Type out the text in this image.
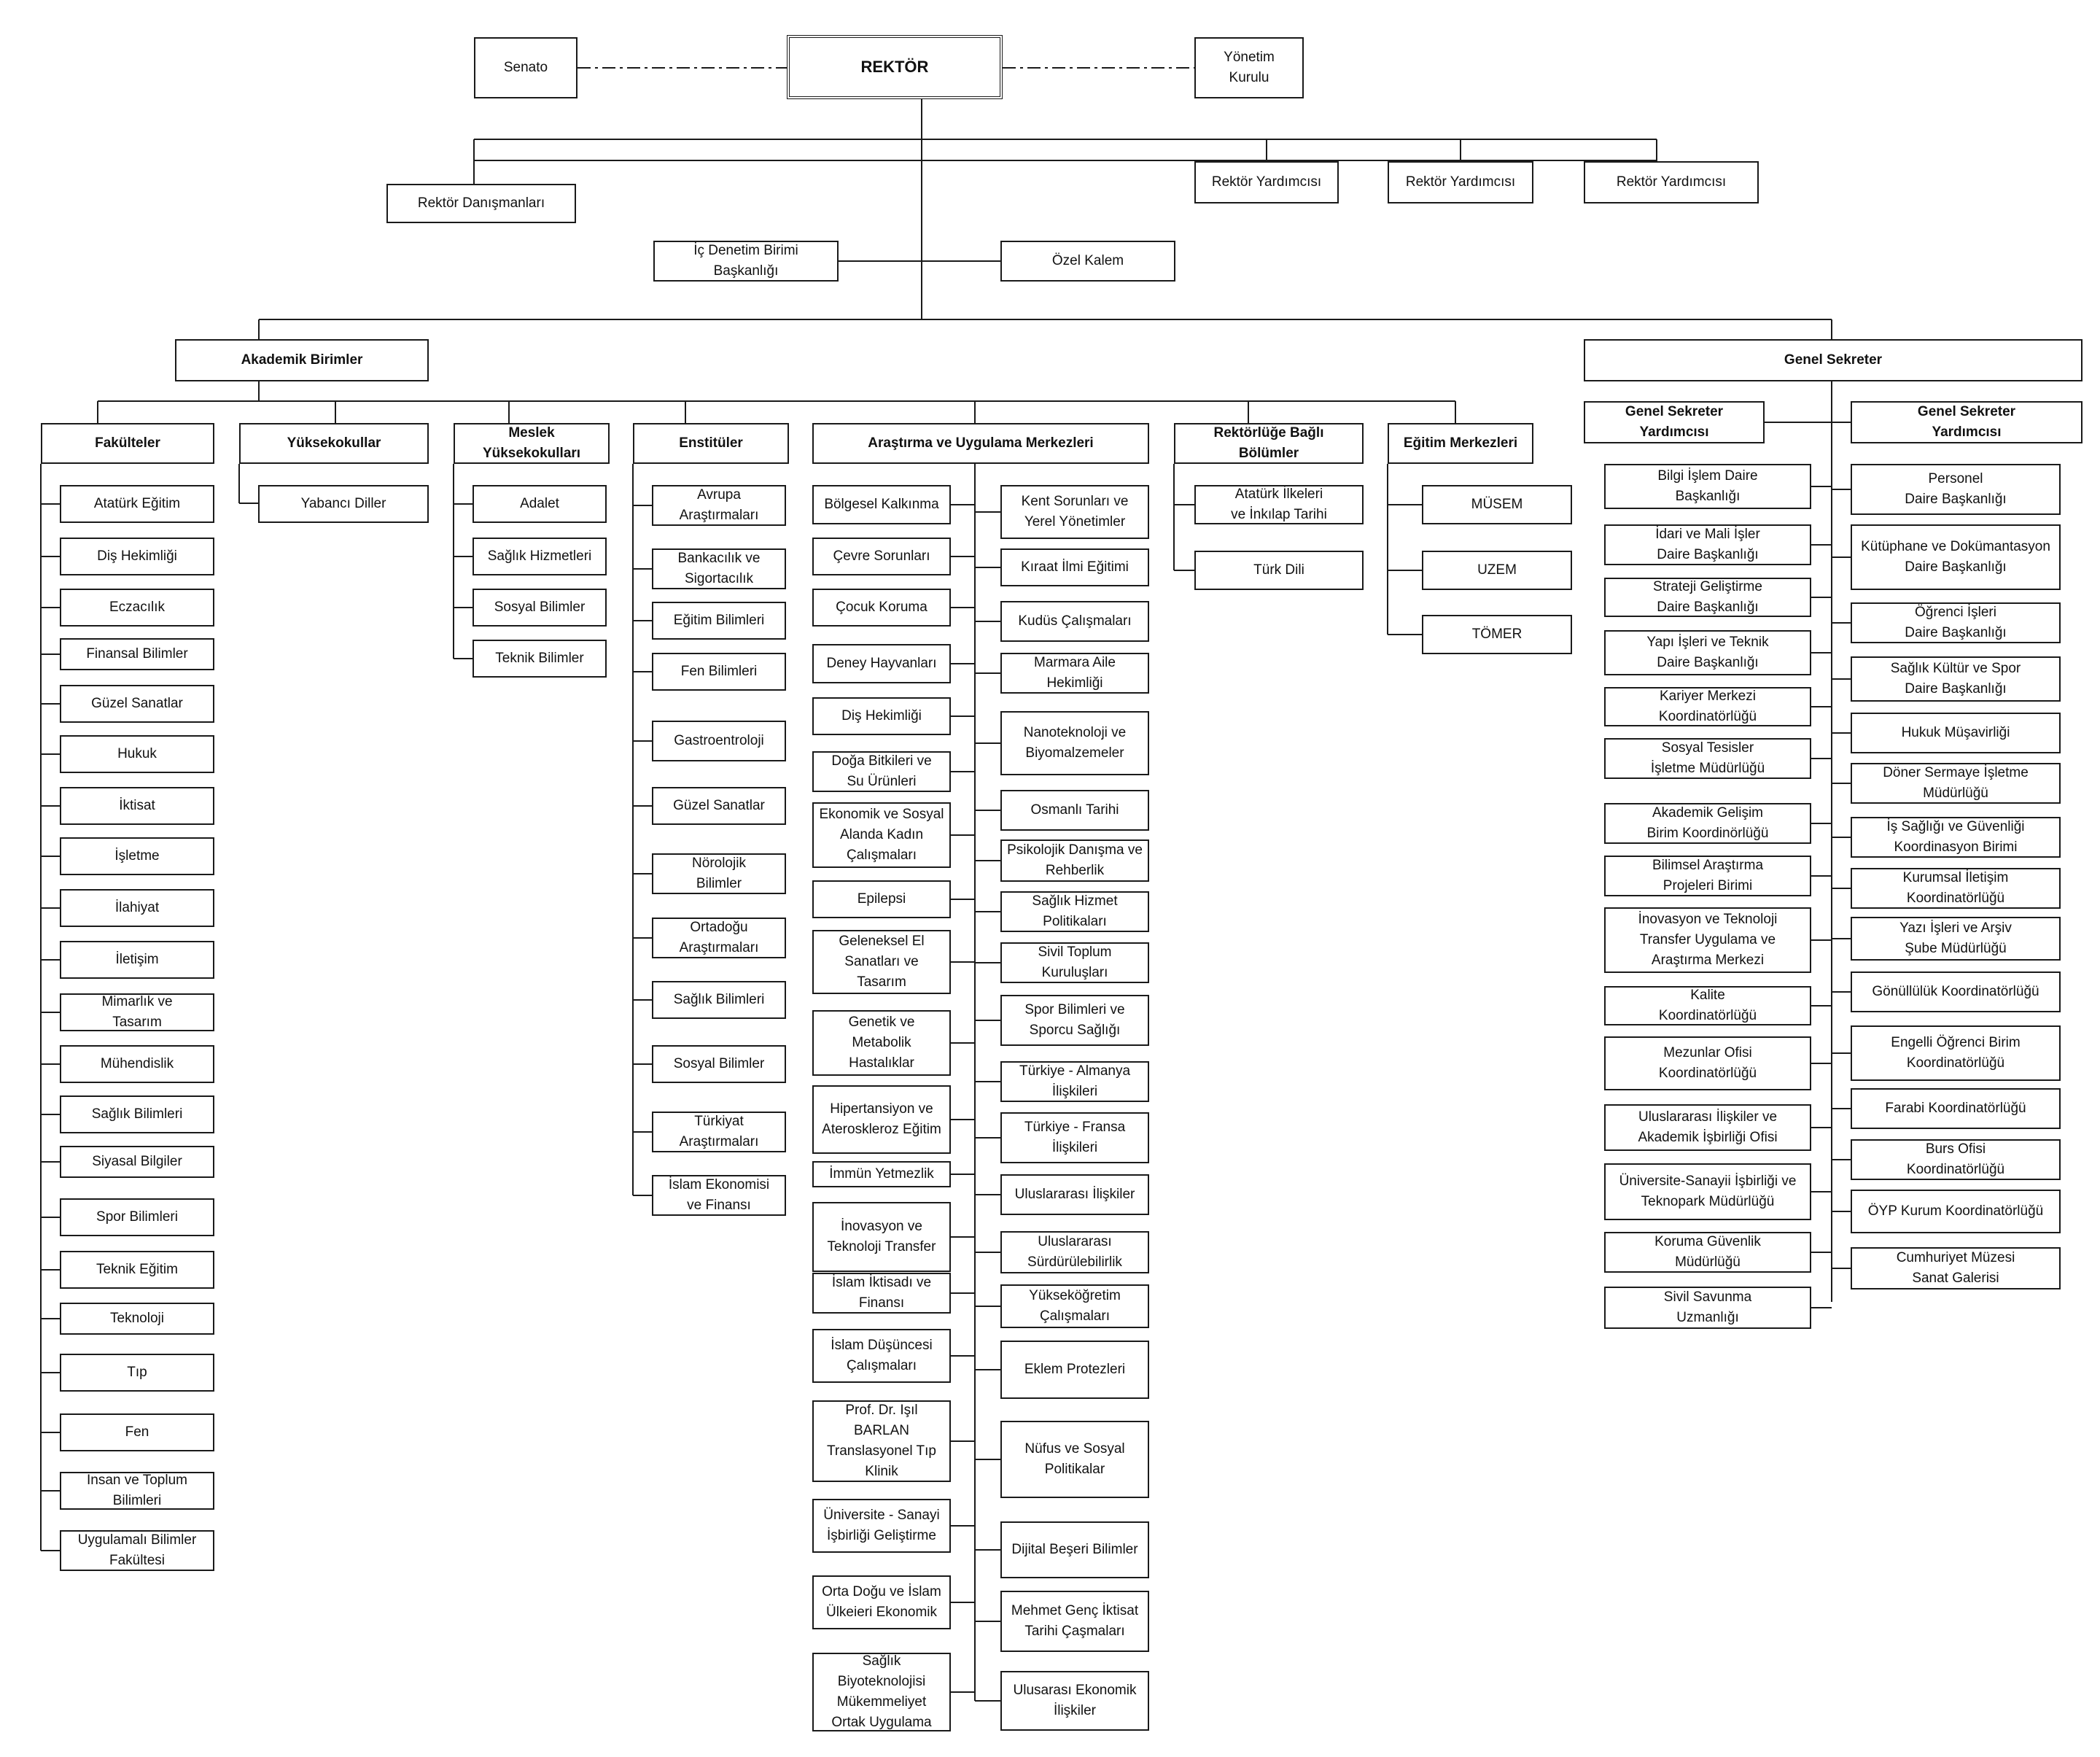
Senato	REKTÖR
Yönetim
Kurulu
Rektör Danışmanları
Rektör Yardımcısı	Rektör Yardımcısı	Rektör Yardımcısı
İç Denetim Birimi
Başkanlığı
Özel Kalem
Akademik Birimler	Genel Sekreter
Fakülteler	Yüksekokullar
Meslek
Yüksekokulları
Enstitüler	Araştırma ve Uygulama Merkezleri
Rektörlüğe Bağlı
Bölümler
Eğitim Merkezleri
Genel Sekreter
Yardımcısı
Genel Sekreter
Yardımcısı
Atatürk Eğitim
Diş Hekimliği
Eczacılık
Finansal Bilimler
Güzel Sanatlar
Hukuk
İktisat
İşletme
İlahiyat
İletişim
Mimarlık ve
Tasarım
Mühendislik
Sağlık Bilimleri
Siyasal Bilgiler
Spor Bilimleri
Teknik Eğitim
Teknoloji
Tıp
Fen
İnsan ve Toplum
Bilimleri
Uygulamalı Bilimler
Fakültesi
Yabancı Diller	Adalet
Sağlık Hizmetleri
Sosyal Bilimler
Teknik Bilimler
Avrupa
Araştırmaları
Bankacılık ve
Sigortacılık
Eğitim Bilimleri
Fen Bilimleri
Gastroentroloji
Güzel Sanatlar
Nörolojik
Bilimler
Ortadoğu
Araştırmaları
Sağlık Bilimleri
Sosyal Bilimler
Türkiyat
Araştırmaları
İslam Ekonomisi
ve Finansı
Bölgesel Kalkınma
Çevre Sorunları
Çocuk Koruma
Deney Hayvanları
Diş Hekimliği
Doğa Bitkileri ve
Su Ürünleri
Ekonomik ve Sosyal
Alanda Kadın
Çalışmaları
Epilepsi
Geleneksel El
Sanatları ve
Tasarım
Genetik ve
Metabolik
Hastalıklar
Hipertansiyon ve
Ateroskleroz Eğitim
İmmün Yetmezlik
İnovasyon ve
Teknoloji Transfer
İslam İktisadı ve
Finansı
İslam Düşüncesi
Çalışmaları
Prof. Dr. Işıl BARLAN
Translasyonel Tıp
Klinik
Üniversite - Sanayi
İşbirliği Geliştirme
Orta Doğu ve İslam
Ülkeieri Ekonomik
Sağlık
Biyoteknolojisi
Mükemmeliyet
Ortak Uygulama
Kent Sorunları ve
Yerel Yönetimler
Kıraat İlmi Eğitimi
Kudüs Çalışmaları
Marmara Aile
Hekimliği
Nanoteknoloji ve
Biyomalzemeler
Osmanlı Tarihi
Psikolojik Danışma ve
Rehberlik
Sağlık Hizmet
Politikaları
Sivil Toplum
Kuruluşları
Spor Bilimleri ve
Sporcu Sağlığı
Türkiye - Almanya
İlişkileri
Türkiye - Fransa
İlişkileri
Uluslararası İlişkiler
Uluslararası
Sürdürülebilirlik
Yükseköğretim
Çalışmaları
Eklem Protezleri
Nüfus ve Sosyal
Politikalar
Dijital Beşeri Bilimler
Mehmet Genç İktisat
Tarihi Çaşmaları
Ulusarası Ekonomik
İlişkiler
Atatürk İlkeleri
ve İnkılap Tarihi
Türk Dili
MÜSEM
UZEM
TÖMER
Bilgi İşlem Daire
Başkanlığı
İdari ve Mali İşler
Daire Başkanlığı
Strateji Geliştirme
Daire Başkanlığı
Yapı İşleri ve Teknik
Daire Başkanlığı
Kariyer Merkezi
Koordinatörlüğü
Sosyal Tesisler
İşletme Müdürlüğü
Akademik Gelişim
Birim Koordinörlüğü
Bilimsel Araştırma
Projeleri Birimi
İnovasyon ve Teknoloji
Transfer Uygulama ve
Araştırma Merkezi
Kalite
Koordinatörlüğü
Mezunlar Ofisi
Koordinatörlüğü
Uluslararası İlişkiler ve
Akademik İşbirliği Ofisi
Üniversite-Sanayii İşbirliği ve
Teknopark Müdürlüğü
Koruma Güvenlik
Müdürlüğü
Sivil Savunma
Uzmanlığı
Personel
Daire Başkanlığı
Kütüphane ve Dokümantasyon
Daire Başkanlığı
Öğrenci İşleri
Daire Başkanlığı
Sağlık Kültür ve Spor
Daire Başkanlığı
Hukuk Müşavirliği
Döner Sermaye İşletme
Müdürlüğü
İş Sağlığı ve Güvenliği
Koordinasyon Birimi
Kurumsal İletişim
Koordinatörlüğü
Yazı İşleri ve Arşiv
Şube Müdürlüğü
Gönüllülük Koordinatörlüğü
Engelli Öğrenci Birim
Koordinatörlüğü
Farabi Koordinatörlüğü
Burs Ofisi
Koordinatörlüğü
ÖYP Kurum Koordinatörlüğü
Cumhuriyet Müzesi
Sanat Galerisi
